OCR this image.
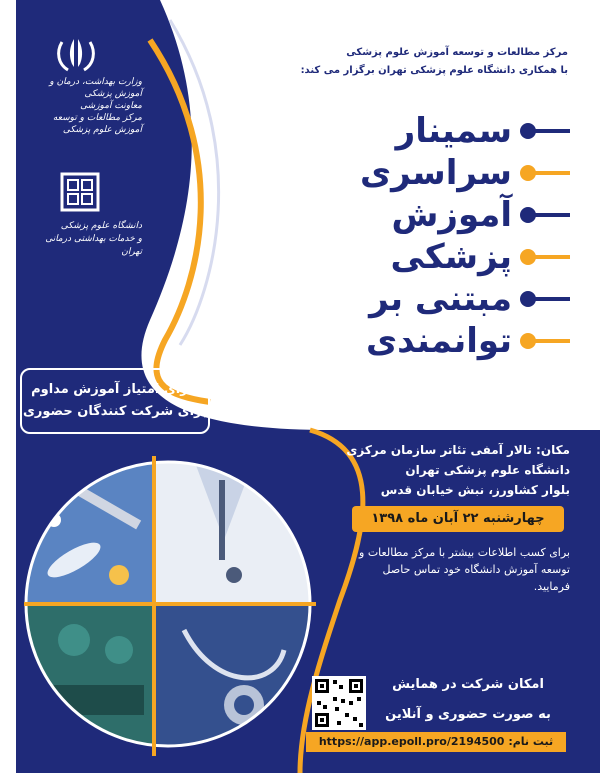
وزارت بهداشت، درمان و آموزش پزشکی
معاونت آموزشی
مرکز مطالعات و توسعه آموزش علوم پزشکی
دانشگاه علوم پزشکی
و خدمات بهداشتی درمانی تهران
مرکز مطالعات و توسعه آموزش علوم پزشکی
با همکاری دانشگاه علوم پزشکی تهران برگزار می کند:
سمینار
سراسری
آموزش
پزشکی
مبتنی بر
توانمندی
دارای امتیاز آموزش مداوم
برای شرکت کنندگان حضوری
مکان: تالار آمفی تئاتر سازمان مرکزی
دانشگاه علوم پزشکی تهران
بلوار کشاورز، نبش خیابان قدس
چهارشنبه ۲۲ آبان ماه ۱۳۹۸
برای کسب اطلاعات بیشتر با مرکز مطالعات و
توسعه آموزش دانشگاه خود تماس حاصل
فرمایید.
امکان شرکت در همایش
به صورت حضوری و آنلاین
ثبت نام: https://app.epoll.pro/2194500
